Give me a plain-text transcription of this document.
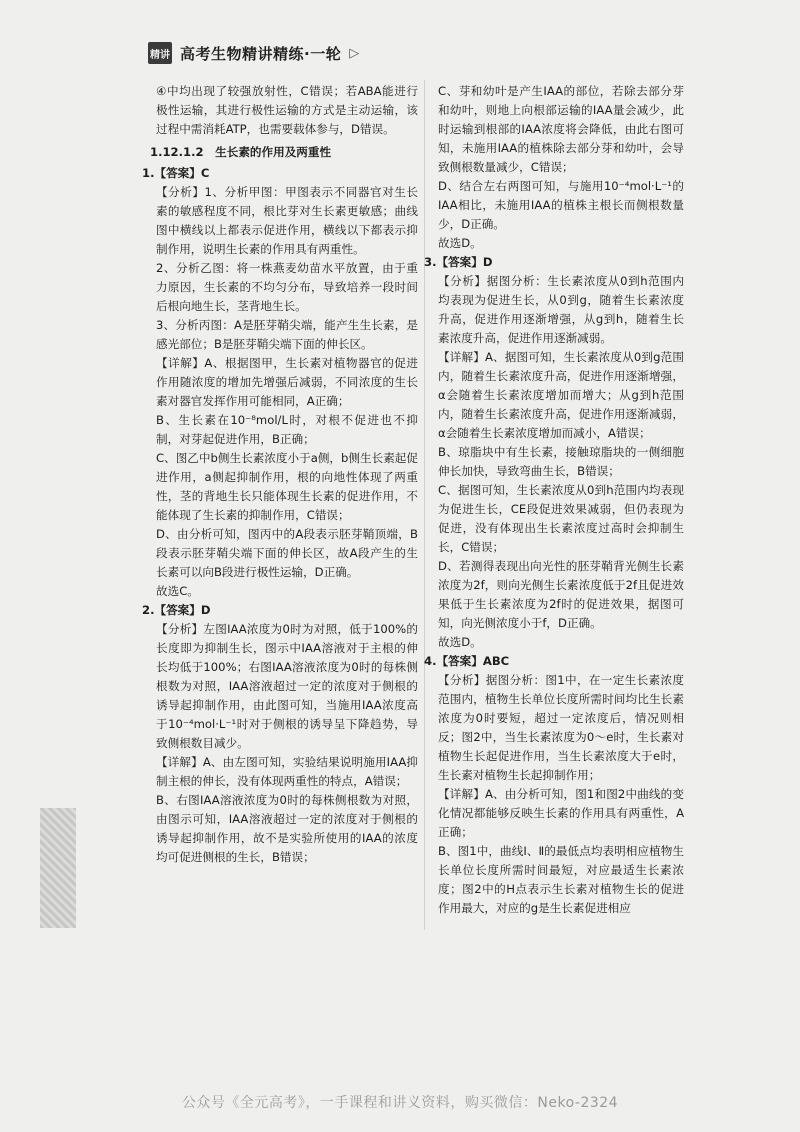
精讲 高考生物精讲精练·一轮 ▷

④中均出现了较强放射性，C错误；若ABA能进行极性运输，其进行极性运输的方式是主动运输，该过程中需消耗ATP，也需要载体参与，D错误。

1.12.1.2　生长素的作用及两重性

1.【答案】C

【分析】1、分析甲图：甲图表示不同器官对生长素的敏感程度不同，根比芽对生长素更敏感；曲线图中横线以上都表示促进作用，横线以下都表示抑制作用，说明生长素的作用具有两重性。

2、分析乙图：将一株燕麦幼苗水平放置，由于重力原因，生长素的不均匀分布，导致培养一段时间后根向地生长，茎背地生长。

3、分析丙图：A是胚芽鞘尖端，能产生生长素，是感光部位；B是胚芽鞘尖端下面的伸长区。

【详解】A、根据图甲，生长素对植物器官的促进作用随浓度的增加先增强后减弱，不同浓度的生长素对器官发挥作用可能相同，A正确；

B、生长素在10⁻⁸mol/L时，对根不促进也不抑制，对芽起促进作用，B正确；

C、图乙中b侧生长素浓度小于a侧，b侧生长素起促进作用，a侧起抑制作用，根的向地性体现了两重性，茎的背地生长只能体现生长素的促进作用，不能体现了生长素的抑制作用，C错误；

D、由分析可知，图丙中的A段表示胚芽鞘顶端，B段表示胚芽鞘尖端下面的伸长区，故A段产生的生长素可以向B段进行极性运输，D正确。

故选C。

2.【答案】D

【分析】左图IAA浓度为0时为对照，低于100%的长度即为抑制生长，图示中IAA溶液对于主根的伸长均低于100%；右图IAA溶液浓度为0时的每株侧根数为对照，IAA溶液超过一定的浓度对于侧根的诱导起抑制作用，由此图可知，当施用IAA浓度高于10⁻⁴mol·L⁻¹时对于侧根的诱导呈下降趋势，导致侧根数目减少。

【详解】A、由左图可知，实验结果说明施用IAA抑制主根的伸长，没有体现两重性的特点，A错误；

B、右图IAA溶液浓度为0时的每株侧根数为对照，由图示可知，IAA溶液超过一定的浓度对于侧根的诱导起抑制作用，故不是实验所使用的IAA的浓度均可促进侧根的生长，B错误；

C、芽和幼叶是产生IAA的部位，若除去部分芽和幼叶，则地上向根部运输的IAA量会减少，此时运输到根部的IAA浓度将会降低，由此右图可知，未施用IAA的植株除去部分芽和幼叶，会导致侧根数量减少，C错误；

D、结合左右两图可知，与施用10⁻⁴mol·L⁻¹的IAA相比，未施用IAA的植株主根长而侧根数量少，D正确。

故选D。

3.【答案】D

【分析】据图分析：生长素浓度从0到h范围内均表现为促进生长，从0到g，随着生长素浓度升高，促进作用逐渐增强，从g到h，随着生长素浓度升高，促进作用逐渐减弱。

【详解】A、据图可知，生长素浓度从0到g范围内，随着生长素浓度升高，促进作用逐渐增强，α会随着生长素浓度增加而增大；从g到h范围内，随着生长素浓度升高，促进作用逐渐减弱，α会随着生长素浓度增加而减小，A错误；

B、琼脂块中有生长素，接触琼脂块的一侧细胞伸长加快，导致弯曲生长，B错误；

C、据图可知，生长素浓度从0到h范围内均表现为促进生长，CE段促进效果减弱，但仍表现为促进，没有体现出生长素浓度过高时会抑制生长，C错误；

D、若测得表现出向光性的胚芽鞘背光侧生长素浓度为2f，则向光侧生长素浓度低于2f且促进效果低于生长素浓度为2f时的促进效果，据图可知，向光侧浓度小于f，D正确。

故选D。

4.【答案】ABC

【分析】据图分析：图1中，在一定生长素浓度范围内，植物生长单位长度所需时间均比生长素浓度为0时要短，超过一定浓度后，情况则相反；图2中，当生长素浓度为0～e时，生长素对植物生长起促进作用，当生长素浓度大于e时，生长素对植物生长起抑制作用；

【详解】A、由分析可知，图1和图2中曲线的变化情况都能够反映生长素的作用具有两重性，A正确；

B、图1中，曲线Ⅰ、Ⅱ的最低点均表明相应植物生长单位长度所需时间最短，对应最适生长素浓度；图2中的H点表示生长素对植物生长的促进作用最大，对应的g是生长素促进相应

公众号《全元高考》，一手课程和讲义资料，购买微信：Neko-2324
